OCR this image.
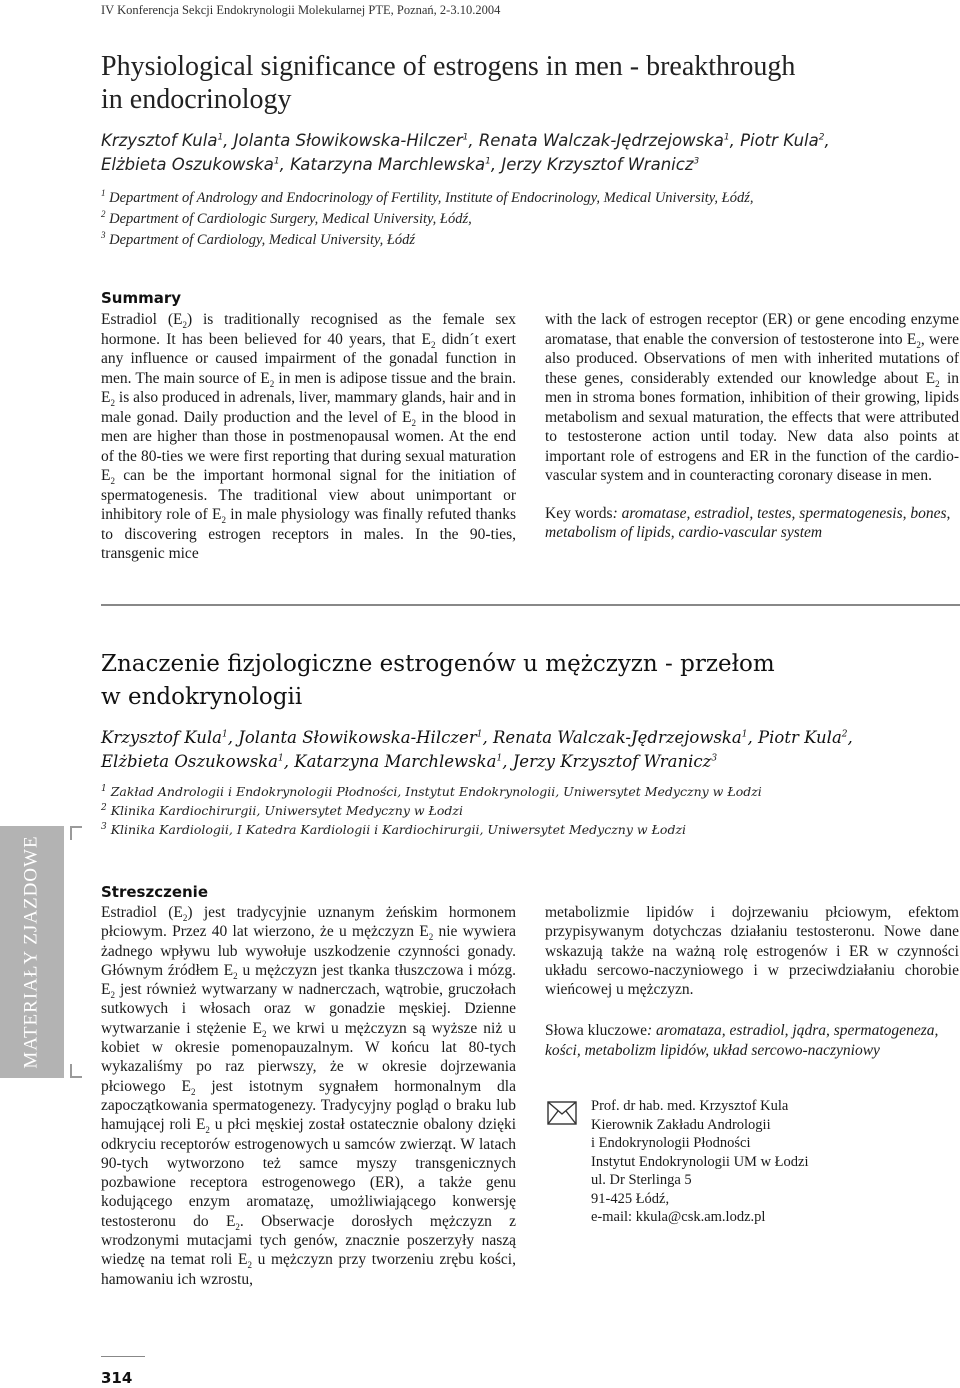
IV Konferencja Sekcji Endokrynologii Molekularnej PTE, Poznań, 2-3.10.2004
Physiological significance of estrogens in men - breakthrough
in endocrinology
Krzysztof Kula$^1$, Jolanta Słowikowska-Hilczer$^1$, Renata Walczak-Jędrzejowska$^1$, Piotr Kula$^2$,
Elżbieta Oszukowska$^1$, Katarzyna Marchlewska$^1$, Jerzy Krzysztof Wranicz$^3$
$^1$ Department of Andrology and Endocrinology of Fertility, Institute of Endocrinology, Medical University, Łódź,
$^2$ Department of Cardiologic Surgery, Medical University, Łódź,
$^3$ Department of Cardiology, Medical University, Łódź
Summary

Estradiol $(E_2)$ is traditionally recognised as the female sex hormone. It has been believed for 40 years, that $E_2$ didn´t exert any influence or caused impairment of the gonadal function in men. The main source of $E_2$ in men is adipose tissue and the brain. $E_2$ is also produced in adrenals, liver, mammary glands, hair and in male gonad. Daily production and the level of $E_2$ in the blood in men are higher than those in postmenopausal women. At the end of the 80-ties we were first reporting that during sexual maturation $E_2$ can be the important hormonal signal for the initiation of spermatogenesis. The traditional view about unimportant or inhibitory role of $E_2$ in male physiology was finally refuted thanks to discovering estrogen receptors in males. In the 90-ties, transgenic mice

with the lack of estrogen receptor (ER) or gene encoding enzyme aromatase, that enable the conversion of testosterone into $E_2$, were also produced. Observations of men with inherited mutations of these genes, considerably extended our knowledge about $E_2$ in men in stroma bones formation, inhibition of their growing, lipids metabolism and sexual maturation, the effects that were attributed to testosterone action until today. New data also points at important role of estrogens and ER in the function of the cardio-vascular system and in counteracting coronary disease in men.

Key words: aromatase, estradiol, testes, spermatogenesis, bones, metabolism of lipids, cardio-vascular system

Znaczenie fizjologiczne estrogenów u mężczyzn - przełom
w endokrynologii
Krzysztof Kula$^1$, Jolanta Słowikowska-Hilczer$^1$, Renata Walczak-Jędrzejowska$^1$, Piotr Kula$^2$,
Elżbieta Oszukowska$^1$, Katarzyna Marchlewska$^1$, Jerzy Krzysztof Wranicz$^3$
$^1$ Zakład Andrologii i Endokrynologii Płodności, Instytut Endokrynologii, Uniwersytet Medyczny w Łodzi
$^2$ Klinika Kardiochirurgii, Uniwersytet Medyczny w Łodzi
$^3$ Klinika Kardiologii, I Katedra Kardiologii i Kardiochirurgii, Uniwersytet Medyczny w Łodzi
MATERIAŁY ZJAZDOWE	Streszczenie

Estradiol $(E_2)$ jest tradycyjnie uznanym żeńskim hormonem płciowym. Przez 40 lat wierzono, że u mężczyzn $E_2$ nie wywiera żadnego wpływu lub wywołuje uszkodzenie czynności gonady. Głównym źródłem $E_2$ u mężczyzn jest tkanka tłuszczowa i mózg. $E_2$ jest również wytwarzany w nadnerczach, wątrobie, gruczołach sutkowych i włosach oraz w gonadzie męskiej. Dzienne wytwarzanie i stężenie $E_2$ we krwi u mężczyzn są wyższe niż u kobiet w okresie pomenopauzalnym. W końcu lat 80-tych wykazaliśmy po raz pierwszy, że w okresie dojrzewania płciowego $E_2$ jest istotnym sygnałem hormonalnym dla zapoczątkowania spermatogenezy. Tradycyjny pogląd o braku lub hamującej roli $E_2$ u płci męskiej został ostatecznie obalony dzięki odkryciu receptorów estrogenowych u samców zwierząt. W latach 90-tych wytworzono też samce myszy transgenicznych pozbawione receptora estrogenowego (ER), a także genu kodującego enzym aromatazę, umożliwiającego konwersję testosteronu do $E_2$. Obserwacje dorosłych mężczyzn z wrodzonymi mutacjami tych genów, znacznie poszerzyły naszą wiedzę na temat roli $E_2$ u mężczyzn przy tworzeniu zrębu kości, hamowaniu ich wzrostu,

metabolizmie lipidów i dojrzewaniu płciowym, efektom przypisywanym dotychczas działaniu testosteronu. Nowe dane wskazują także na ważną rolę estrogenów i ER w czynności układu sercowo-naczyniowego i w przeciwdziałaniu chorobie wieńcowej u mężczyzn.

Słowa kluczowe: aromataza, estradiol, jądra, spermatogeneza, kości, metabolizm lipidów, układ sercowo-naczyniowy

Prof. dr hab. med. Krzysztof Kula
Kierownik Zakładu Andrologii
i Endokrynologii Płodności
Instytut Endokrynologii UM w Łodzi
ul. Dr Sterlinga 5
91-425 Łódź,
e-mail: kkula@csk.am.lodz.pl
314
